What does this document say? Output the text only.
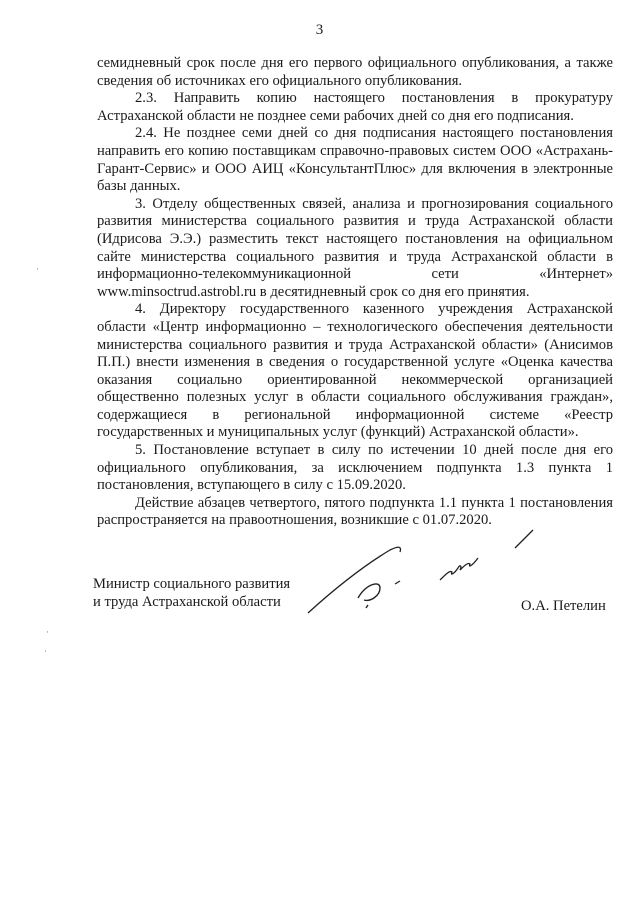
3

семидневный срок после дня его первого официального опубликования, а также сведения об источниках его официального опубликования.

2.3. Направить копию настоящего постановления в прокуратуру Астраханской области не позднее семи рабочих дней со дня его подписания.

2.4. Не позднее семи дней со дня подписания настоящего постановления направить его копию поставщикам справочно-правовых систем ООО «Астрахань-Гарант-Сервис» и ООО АИЦ «КонсультантПлюс» для включения в электронные базы данных.

3. Отделу общественных связей, анализа и прогнозирования социального развития министерства социального развития и труда Астраханской области (Идрисова Э.Э.) разместить текст настоящего постановления на официальном сайте министерства социального развития и труда Астраханской области в информационно-телекоммуникационной сети «Интернет» www.minsoctrud.astrobl.ru в десятидневный срок со дня его принятия.

4. Директору государственного казенного учреждения Астраханской области «Центр информационно – технологического обеспечения деятельности министерства социального развития и труда Астраханской области» (Анисимов П.П.) внести изменения в сведения о государственной услуге «Оценка качества оказания социально ориентированной некоммерческой организацией общественно полезных услуг в области социального обслуживания граждан», содержащиеся в региональной информационной системе «Реестр государственных и муниципальных услуг (функций) Астраханской области».

5. Постановление вступает в силу по истечении 10 дней после дня его официального опубликования, за исключением подпункта 1.3 пункта 1 постановления, вступающего в силу с 15.09.2020.

Действие абзацев четвертого, пятого подпункта 1.1 пункта 1 постановления распространяется на правоотношения, возникшие с 01.07.2020.

Министр социального развития
и труда Астраханской области	О.А. Петелин
·
·
·
